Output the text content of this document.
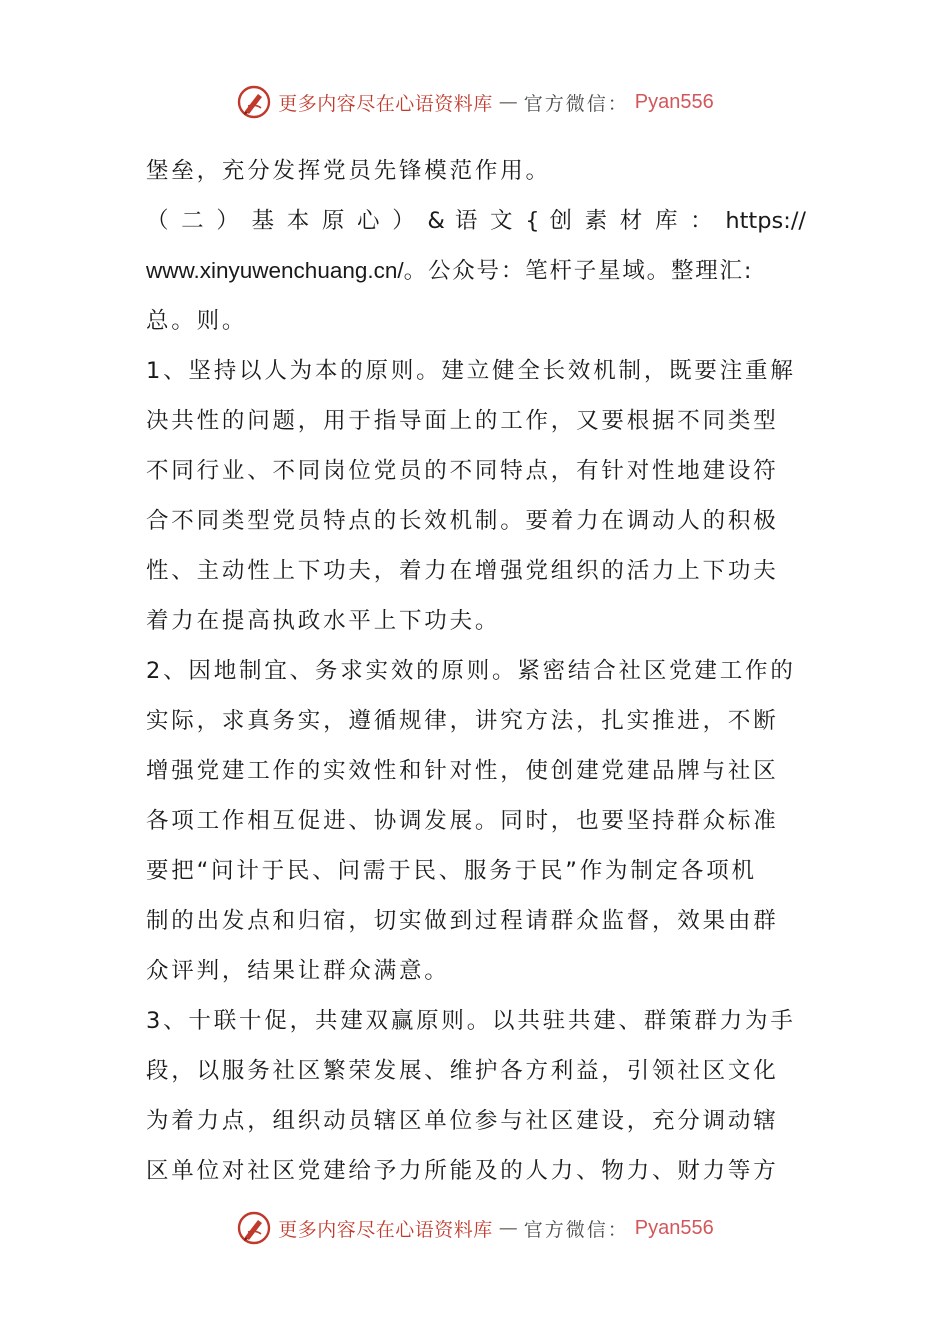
更多内容尽在心语资料库 — 官方微信： Pyan556
堡垒，充分发挥党员先锋模范作用。
（ 二 ） 基 本 原 心 ） & 语 文 { 创 素 材 库 ： https://
www.xinyuwenchuang.cn/。公众号：笔杆子星域。整理汇:
总。则。
1、坚持以人为本的原则。建立健全长效机制，既要注重解
决共性的问题，用于指导面上的工作，又要根据不同类型
不同行业、不同岗位党员的不同特点，有针对性地建设符
合不同类型党员特点的长效机制。要着力在调动人的积极
性、主动性上下功夫，着力在增强党组织的活力上下功夫
着力在提高执政水平上下功夫。
2、因地制宜、务求实效的原则。紧密结合社区党建工作的
实际，求真务实，遵循规律，讲究方法，扎实推进，不断
增强党建工作的实效性和针对性，使创建党建品牌与社区
各项工作相互促进、协调发展。同时，也要坚持群众标准
要把“问计于民、问需于民、服务于民”作为制定各项机
制的出发点和归宿，切实做到过程请群众监督，效果由群
众评判，结果让群众满意。
3、十联十促，共建双赢原则。以共驻共建、群策群力为手
段，以服务社区繁荣发展、维护各方利益，引领社区文化
为着力点，组织动员辖区单位参与社区建设，充分调动辖
区单位对社区党建给予力所能及的人力、物力、财力等方
更多内容尽在心语资料库 — 官方微信： Pyan556
